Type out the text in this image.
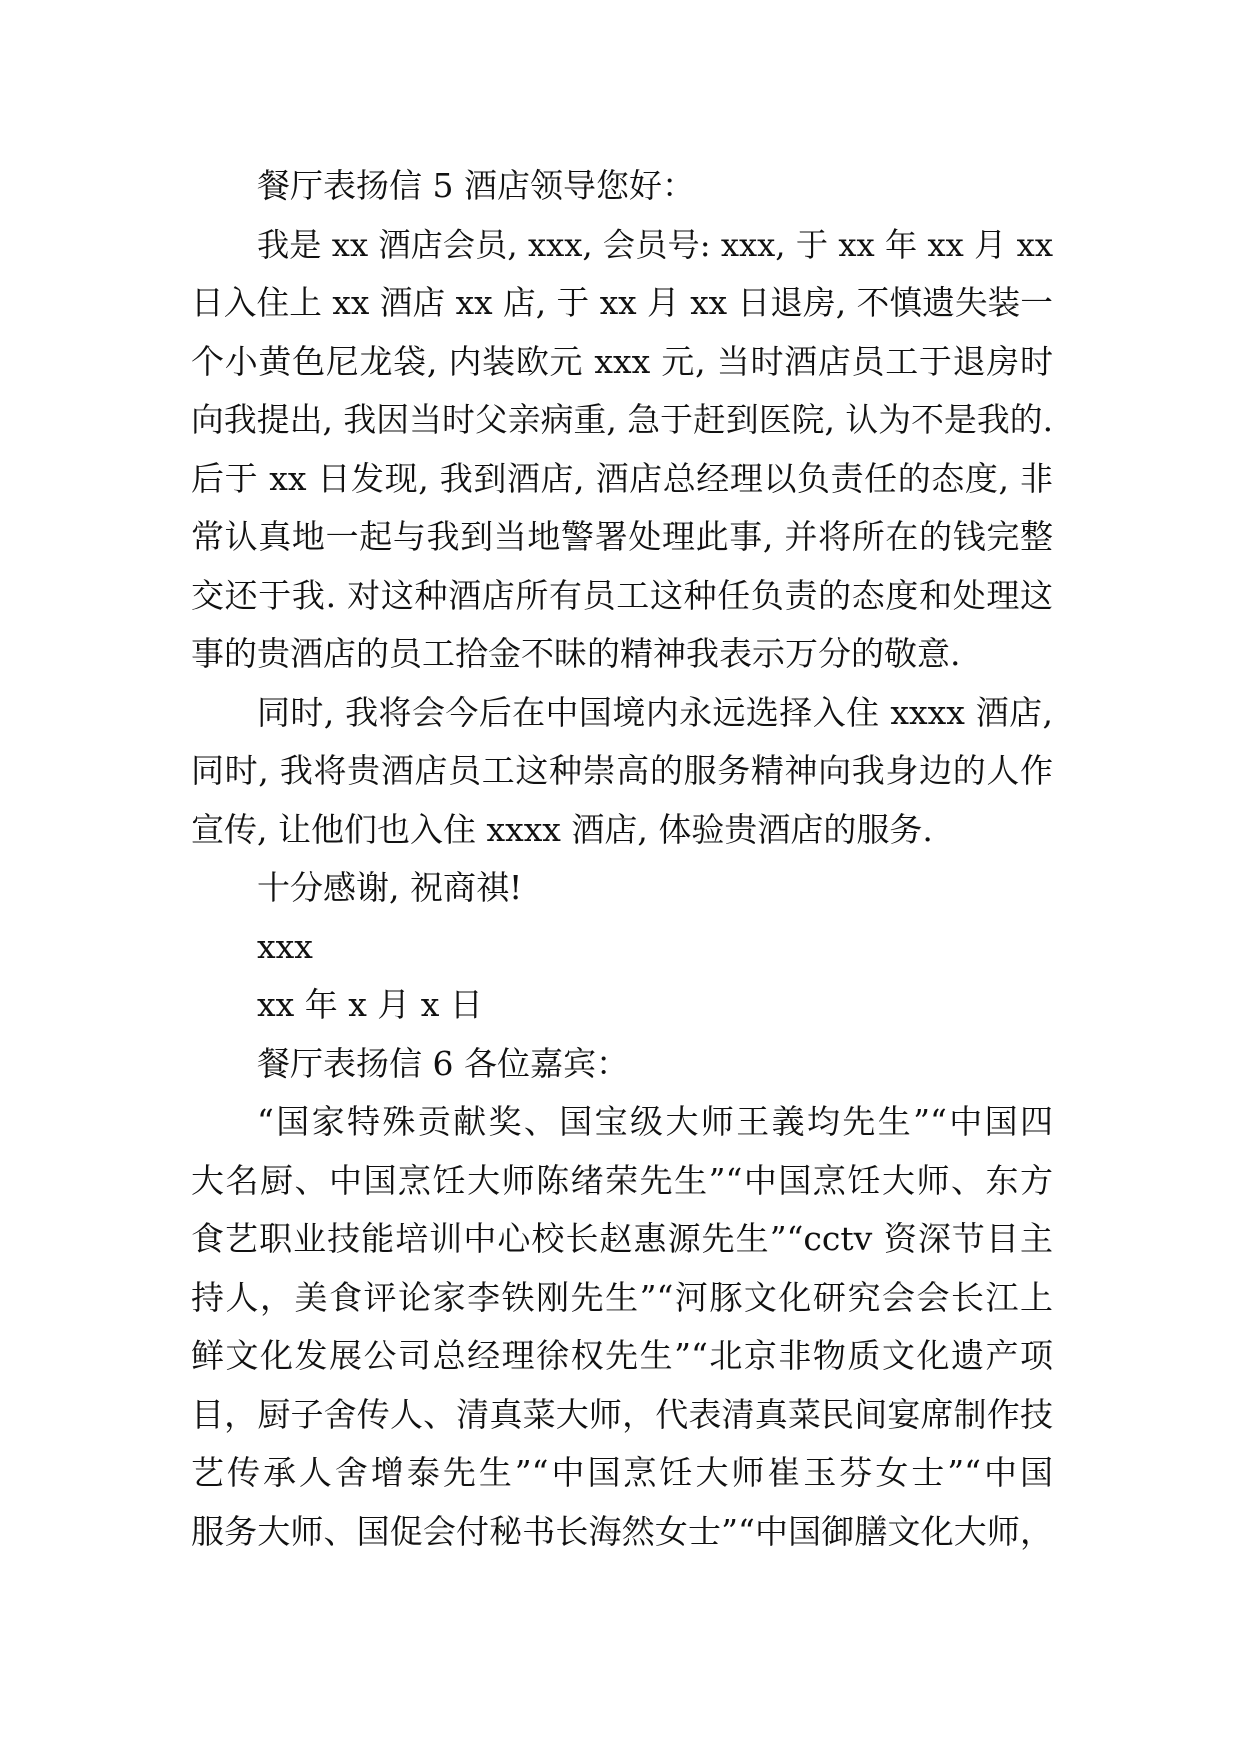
餐厅表扬信 5 酒店领导您好：
我是 xx 酒店会员, xxx, 会员号: xxx, 于 xx 年 xx 月 xx
日入住上 xx 酒店 xx 店, 于 xx 月 xx 日退房, 不慎遗失装一
个小黄色尼龙袋, 内装欧元 xxx 元, 当时酒店员工于退房时
向我提出, 我因当时父亲病重, 急于赶到医院, 认为不是我的.
后于 xx 日发现, 我到酒店, 酒店总经理以负责任的态度, 非
常认真地一起与我到当地警署处理此事, 并将所在的钱完整
交还于我. 对这种酒店所有员工这种任负责的态度和处理这
事的贵酒店的员工拾金不昧的精神我表示万分的敬意.
同时, 我将会今后在中国境内永远选择入住 xxxx 酒店,
同时, 我将贵酒店员工这种崇高的服务精神向我身边的人作
宣传, 让他们也入住 xxxx 酒店, 体验贵酒店的服务.
十分感谢, 祝商祺!
xxx
xx 年 x 月 x 日
餐厅表扬信 6 各位嘉宾：
“国家特殊贡献奖、国宝级大师王義均先生”“中国四
大名厨、中国烹饪大师陈绪荣先生”“中国烹饪大师、东方
食艺职业技能培训中心校长赵惠源先生”“cctv 资深节目主
持人，美食评论家李铁刚先生”“河豚文化研究会会长江上
鲜文化发展公司总经理徐权先生”“北京非物质文化遗产项
目，厨子舍传人、清真菜大师，代表清真菜民间宴席制作技
艺传承人舍增泰先生”“中国烹饪大师崔玉芬女士”“中国
服务大师、国促会付秘书长海然女士”“中国御膳文化大师，
